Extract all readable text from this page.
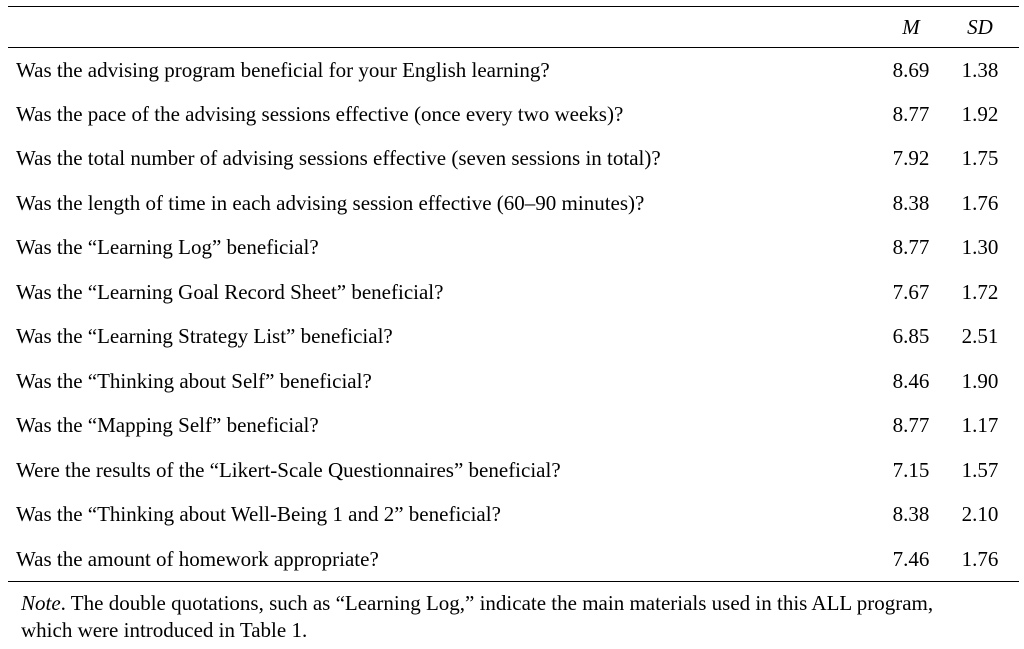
	M	SD
Was the advising program beneficial for your English learning?	8.69	1.38
Was the pace of the advising sessions effective (once every two weeks)?	8.77	1.92
Was the total number of advising sessions effective (seven sessions in total)?	7.92	1.75
Was the length of time in each advising session effective (60–90 minutes)?	8.38	1.76
Was the “Learning Log” beneficial?	8.77	1.30
Was the “Learning Goal Record Sheet” beneficial?	7.67	1.72
Was the “Learning Strategy List” beneficial?	6.85	2.51
Was the “Thinking about Self” beneficial?	8.46	1.90
Was the “Mapping Self” beneficial?	8.77	1.17
Were the results of the “Likert-Scale Questionnaires” beneficial?	7.15	1.57
Was the “Thinking about Well-Being 1 and 2” beneficial?	8.38	2.10
Was the amount of homework appropriate?	7.46	1.76
Note. The double quotations, such as “Learning Log,” indicate the main materials used in this ALL program, which were introduced in Table 1.
